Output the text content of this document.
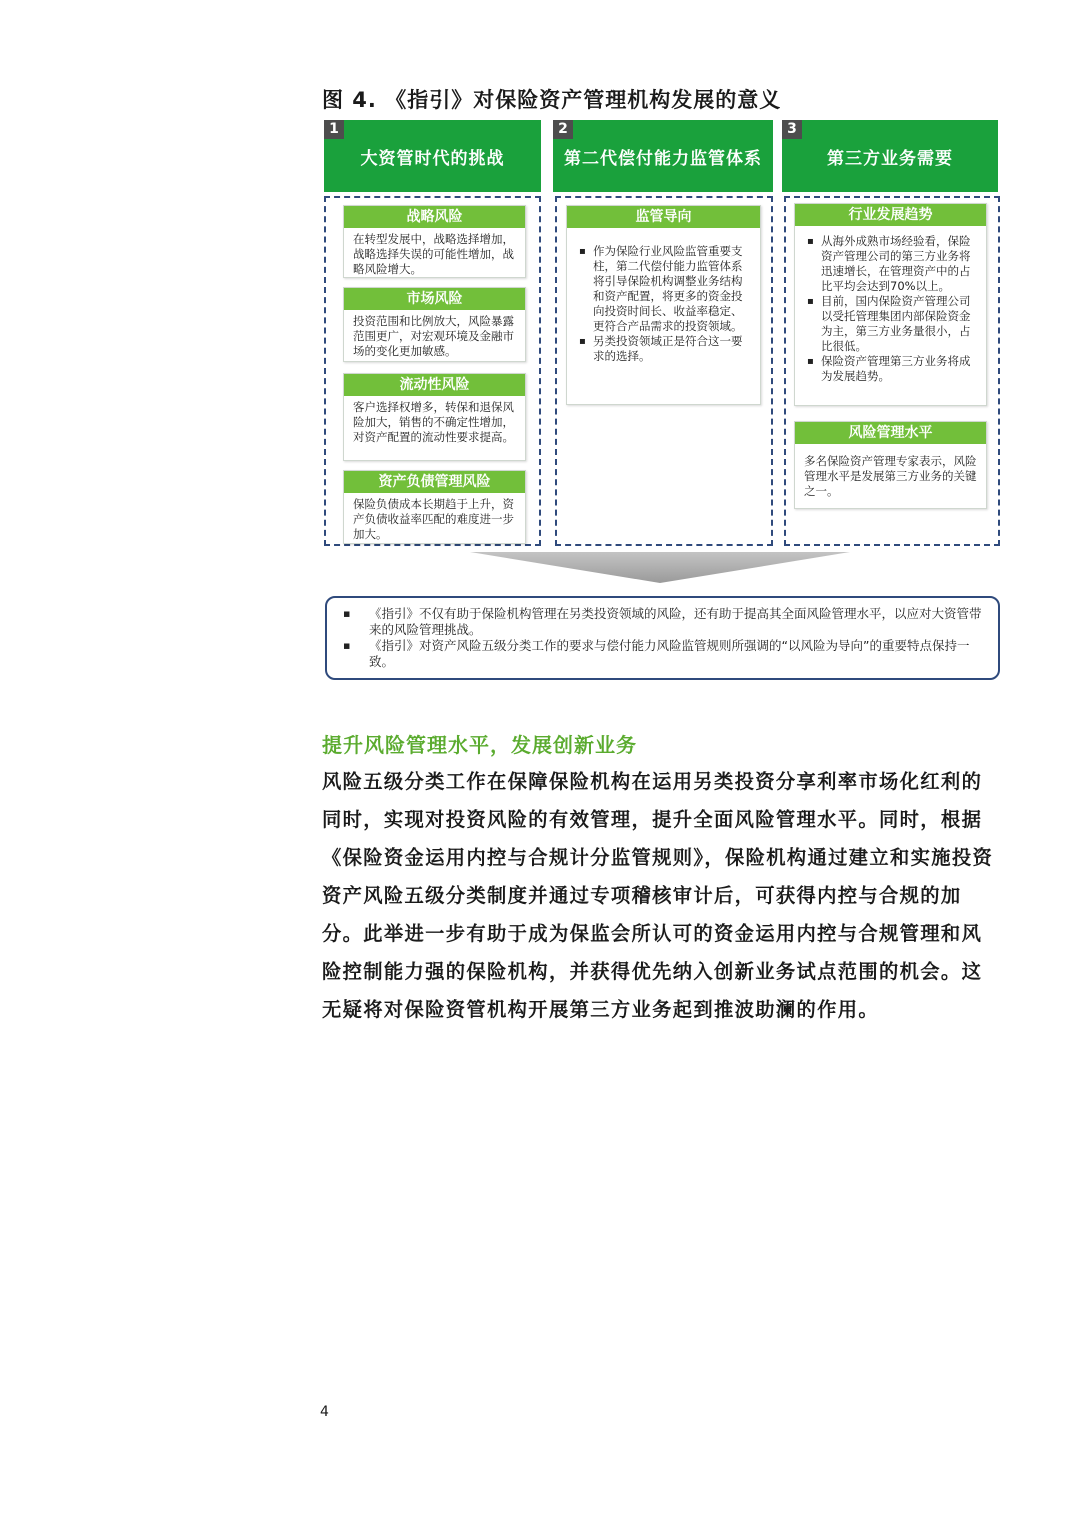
图 4. 《指引》对保险资产管理机构发展的意义
1
大资管时代的挑战
2
第二代偿付能力监管体系
3
第三方业务需要
战略风险
在转型发展中，战略选择增加，战略选择失误的可能性增加，战略风险增大。
市场风险
投资范围和比例放大，风险暴露范围更广，对宏观环境及金融市场的变化更加敏感。
流动性风险
客户选择权增多，转保和退保风险加大，销售的不确定性增加，对资产配置的流动性要求提高。
资产负债管理风险
保险负债成本长期趋于上升，资产负债收益率匹配的难度进一步加大。
监管导向
▪ 作为保险行业风险监管重要支柱，第二代偿付能力监管体系将引导保险机构调整业务结构和资产配置，将更多的资金投向投资时间长、收益率稳定、更符合产品需求的投资领域。
▪ 另类投资领域正是符合这一要求的选择。
行业发展趋势
▪ 从海外成熟市场经验看，保险资产管理公司的第三方业务将迅速增长，在管理资产中的占比平均会达到70%以上。
▪ 目前，国内保险资产管理公司以受托管理集团内部保险资金为主，第三方业务量很小，占比很低。
▪ 保险资产管理第三方业务将成为发展趋势。
风险管理水平
多名保险资产管理专家表示，风险管理水平是发展第三方业务的关键之一。
▪ 《指引》不仅有助于保险机构管理在另类投资领域的风险，还有助于提高其全面风险管理水平，以应对大资管带来的风险管理挑战。
▪ 《指引》对资产风险五级分类工作的要求与偿付能力风险监管规则所强调的“以风险为导向”的重要特点保持一致。
提升风险管理水平，发展创新业务

风险五级分类工作在保障保险机构在运用另类投资分享利率市场化红利的同时，实现对投资风险的有效管理，提升全面风险管理水平。同时，根据《保险资金运用内控与合规计分监管规则》，保险机构通过建立和实施投资资产风险五级分类制度并通过专项稽核审计后，可获得内控与合规的加分。此举进一步有助于成为保监会所认可的资金运用内控与合规管理和风险控制能力强的保险机构，并获得优先纳入创新业务试点范围的机会。这无疑将对保险资管机构开展第三方业务起到推波助澜的作用。

4
